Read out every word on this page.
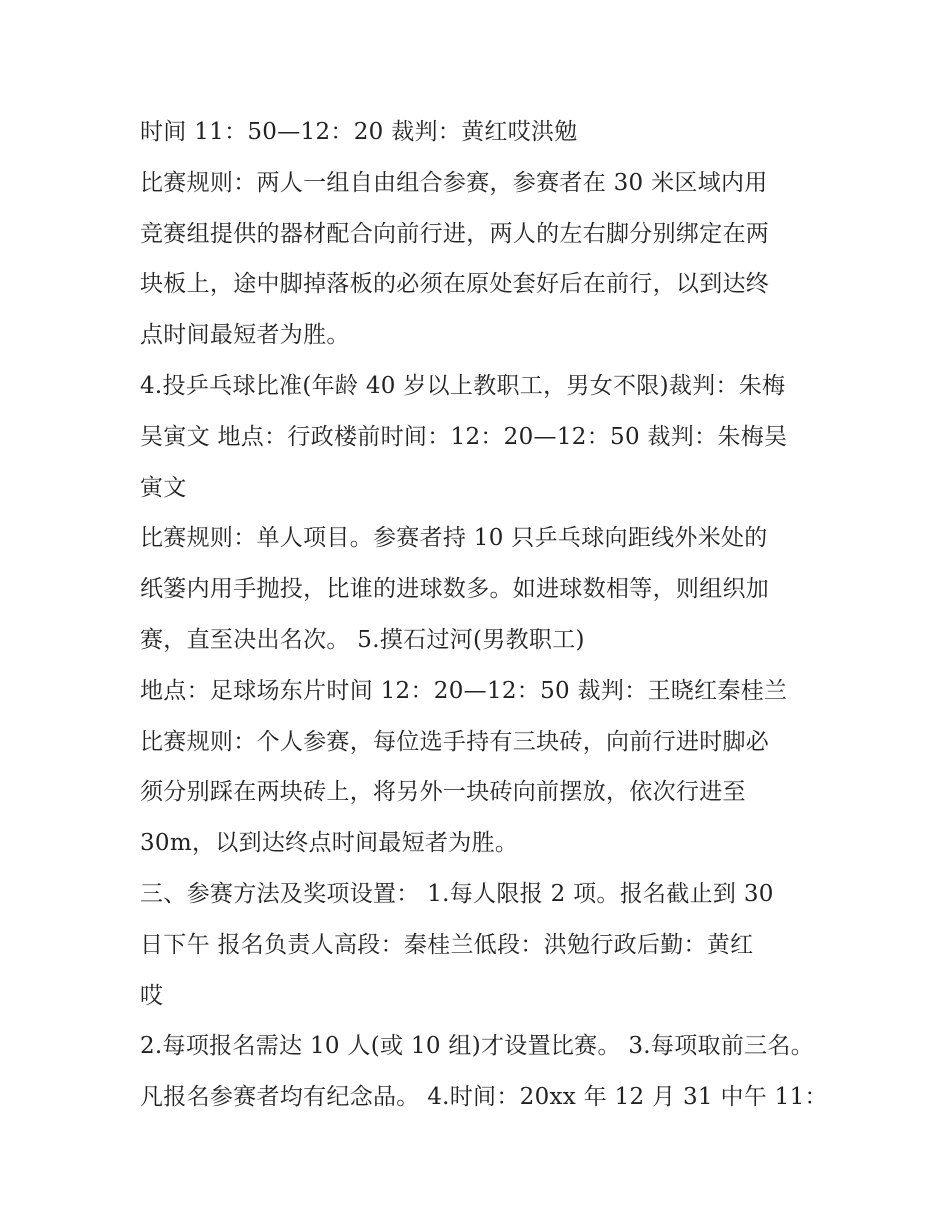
时间 11：50—12：20 裁判：黄红哎洪勉
比赛规则：两人一组自由组合参赛，参赛者在 30 米区域内用
竞赛组提供的器材配合向前行进，两人的左右脚分别绑定在两
块板上，途中脚掉落板的必须在原处套好后在前行，以到达终
点时间最短者为胜。
4.投乒乓球比准(年龄 40 岁以上教职工，男女不限)裁判：朱梅
吴寅文 地点：行政楼前时间：12：20—12：50 裁判：朱梅吴
寅文
比赛规则：单人项目。参赛者持 10 只乒乓球向距线外米处的
纸篓内用手抛投，比谁的进球数多。如进球数相等，则组织加
赛，直至决出名次。 5.摸石过河(男教职工)
地点：足球场东片时间 12：20—12：50 裁判：王晓红秦桂兰
比赛规则：个人参赛，每位选手持有三块砖，向前行进时脚必
须分别踩在两块砖上，将另外一块砖向前摆放，依次行进至
30m，以到达终点时间最短者为胜。
三、参赛方法及奖项设置： 1.每人限报 2 项。报名截止到 30
日下午 报名负责人高段：秦桂兰低段：洪勉行政后勤：黄红
哎
2.每项报名需达 10 人(或 10 组)才设置比赛。 3.每项取前三名。
凡报名参赛者均有纪念品。 4.时间：20xx 年 12 月 31 中午 11：
